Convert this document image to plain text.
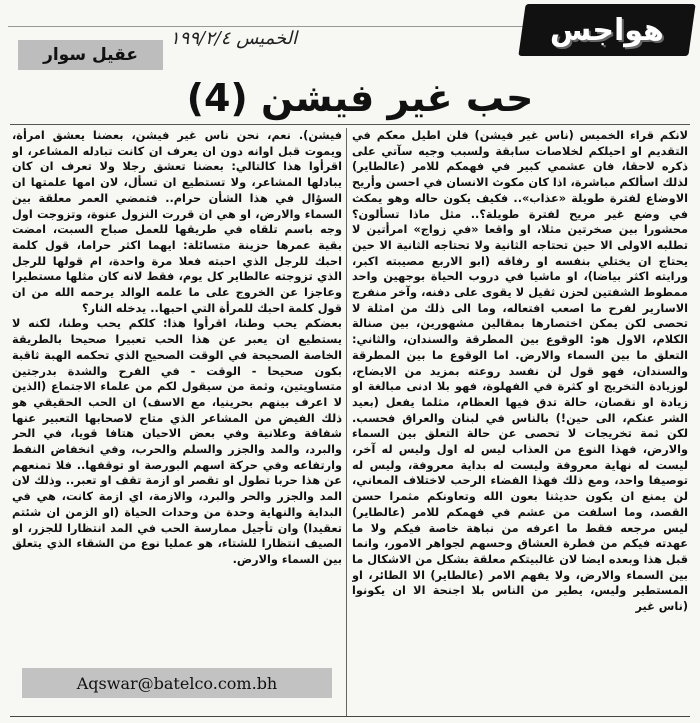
هواجس
الخميس ١٩٩/٢/٤
عقيل سوار
حب غير فيشن (4)

لانكم قراء الخميس (ناس غير فيشن) فلن اطيل معكم في التقديم او احيلكم لخلاصات سابقة ولسبب وجيه سآتي على ذكره لاحقا، فان عشمي كبير في فهمكم للامر (عالطاير) لذلك اسألكم مباشرة، اذا كان مكوث الانسان في احسن وأريح الاوضاع لفترة طويلة «عذاب».. فكيف يكون حاله وهو يمكث في وضع غير مريح لفترة طويلة؟.. مثل ماذا تسألون؟ محشورا بين صخرتين مثلا، او واقعا «في زواج» امرأتين لا تطلبه الاولى الا حين تحتاجه الثانية ولا تحتاجه الثانية الا حين يحتاج ان يختلي بنفسه او رفاقه (ابو الاربع مصيبته اكبر، ورايته اكثر بياضا)، او ماشيا في دروب الحياة بوجهين واحد ممطوط الشفتين لحزن ثقيل لا يقوى على دفنه، وآخر منفرج الاسارير لفرح ما اصعب افتعاله، وما الى ذلك من امثلة لا تحصى لكن يمكن اختصارها بمقالين مشهورين، بين صنالة الكلام، الاول هو: الوقوع بين المطرقة والسندان، والثاني: التعلق ما بين السماء والارض. اما الوقوع ما بين المطرقة والسندان، فهو قول لن نفسد روعته بمزيد من الايضاح، لوزيادة التخريج او كثرة في الفهلوة، فهو بلا ادنى مبالغة او زيادة او نقصان، حالة تدق فيها العظام، مثلما يفعل (بعيد الشر عنكم، الى حين!) بالناس في لبنان والعراق فحسب. لكن ثمة تخريجات لا تحصى عن حالة التعلق بين السماء والارض، فهذا النوع من العذاب ليس له اول وليس له آخر، ليست له نهاية معروفة وليست له بداية معروفة، وليس له توصيفا واحد، ومع ذلك فهذا الفضاء الرحب لاختلاف المعاني، لن يمنع ان يكون حديثنا بعون الله وتعاونكم مثمرا حسن القصد، وما اسلفت من عشم في فهمكم للامر (عالطاير) ليس مرجعه فقط ما اعرفه من نباهة خاصة فيكم ولا ما عهدته فيكم من فطرة العشاق وحسهم لجواهر الامور، وانما قبل هذا وبعده ايضا لان غالبيتكم معلقة بشكل من الاشكال ما بين السماء والارض، ولا يفهم الامر (عالطاير) الا الطائر، او المستطير وليس، يطير من الناس بلا اجنحة الا ان يكونوا (ناس غير

فيشن). نعم، نحن ناس غير فيشن، بعضنا يعشق امرأة، ويموت قبل اوانه دون ان يعرف ان كانت تبادله المشاعر، او اقرأوا هذا كالتالي: بعضنا تعشق رجلا ولا تعرف ان كان يبادلها المشاعر، ولا تستطيع ان تسأل، لان امها علمتها ان السؤال في هذا الشأن حرام.. فتمضي العمر معلقة بين السماء والارض، او هي ان قررت النزول عنوة، وتزوجت اول وجه باسم تلقاه في طريقها للعمل صباح السبت، امضت بقية عمرها حزينة متسائلة: ايهما اكثر حراما، قول كلمة احبك للرجل الذي احبته فعلا مرة واحدة، ام قولها للرجل الذي تزوجته عالطاير كل يوم، فقط لانه كان مثلها مستطيرا وعاجزا عن الخروج على ما علمه الوالد يرحمه الله من ان قول كلمة احبك للمرأة التي احبها.. يدخله النار؟

بعضكم يحب وطنا، اقرأوا هذا: كلكم يحب وطنا، لكنه لا يستطيع ان يعبر عن هذا الحب تعبيرا صحيحا بالطريقة الخاصة الصحيحة في الوقت الصحيح الذي تحكمه الهبة ثاقبة بكون صحيحا - الوقت - في الفرح والشدة بدرجتين متساويتين، وثمة من سيقول لكم من علماء الاجتماع (الذين لا اعرف بينهم بحرينيا، مع الاسف) ان الحب الحقيقي هو ذلك الفيض من المشاعر الذي متاح لاصحابها التعبير عنها شفافة وعلانية وفي بعض الاحيان هتافا قويا، في الحر والبرد، والمد والجزر والسلم والحرب، وفي انخفاض النفط وارتفاعه وفي حركة اسهم البورصة او توقفها.. فلا تمنعهم عن هذا حربا تطول او تقصر او ازمة تقف او تعبر.. وذلك لان المد والجزر والحر والبرد، والازمة، اي ازمة كانت، هي في البداية والنهاية وحدة من وحدات الحياة (او الزمن ان شئتم تعقيدا) وان تأجيل ممارسة الحب في المد انتظارا للجزر، او الصيف انتظارا للشتاء، هو عمليا نوع من الشقاء الذي يتعلق بين السماء والارض.

Aqswar@batelco.com.bh
